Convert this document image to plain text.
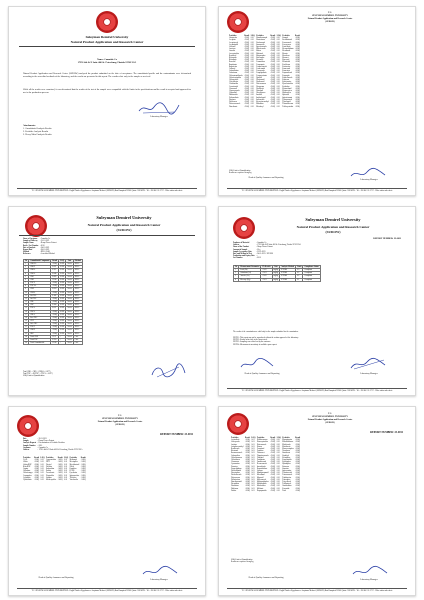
Suleyman Demirel University
Natural Product Application and Research Center
Name: Cannabis Co
17951 4th St N Suite 400 St. Petersburg, Florida 33702 USA
Natural Product Application and Research Center (SUDOW) analyzed the product submitted on the date of acceptance. The cannabinoid profile and the contaminants were determined according to the accredited methods of the laboratory, and the results are presented in this report. The results relate only to the sample as received.
While all the results were examined, it was determined that the results of the test of the sample were compatible with the limits in the specifications and the result is accepted and approved for use in the production process.
Laboratory Manager
Attachments:
1. Cannabinoid Analysis Results
2. Pesticide Analysis Results
3. Heavy Metal Analysis Results
T.C. SÜLEYMAN DEMİREL ÜNIVERSİTESİ - Doğal Ürünler Uygulama ve Araştırma Merkezi (SUDOW) Batı Kampüsü 32260 Çünür / ISPARTA · Tel: +90 246 211 3717 · Web: sudow.sdu.edu.tr
T.C.
SÜLEYMAN DEMİREL ÜNIVERSITY
Natural Product Application and Research Center
(SUDOW)
Pesticides	Result	LOQ	Pesticides	Result	LOQ	Pesticides	Result
Abamectin	<LOQ	0.01	Dimethomorph	<LOQ	0.01	Oxamyl	<LOQ
Acephate	<LOQ	0.01	Dinotefuran	<LOQ	0.01	Paclobutrazol	<LOQ
Acequinocyl	<LOQ	0.01	Dodemorph	<LOQ	0.01	Penconazole	<LOQ
Acetamiprid	<LOQ	0.01	Emamectin	<LOQ	0.01	Pencycuron	<LOQ
Aldicarb	<LOQ	0.01	Epoxiconazole	<LOQ	0.01	Permethrin	<LOQ
Ametryn	<LOQ	0.01	Ethiofencarb	<LOQ	0.01	Phenmedipham	<LOQ
Atrazine	<LOQ	0.01	Ethion	<LOQ	0.01	Phenthoate	<LOQ
Azoxystrobin	<LOQ	0.01	Ethirimol	<LOQ	0.01	Phorate	<LOQ
Benalaxyl	<LOQ	0.01	Ethoprophos	<LOQ	0.01	Phosalone	<LOQ
Bifenazate	<LOQ	0.01	Etofenprox	<LOQ	0.01	Phosmet	<LOQ
Bifenthrin	<LOQ	0.01	Etoxazole	<LOQ	0.01	Piperonyl	<LOQ
Boscalid	<LOQ	0.01	Fenamidone	<LOQ	0.01	Pirimicarb	<LOQ
Bupirimate	<LOQ	0.01	Fenazaquin	<LOQ	0.01	Prochloraz	<LOQ
Buprofezin	<LOQ	0.01	Fenbuconazole	<LOQ	0.01	Profenofos	<LOQ
Carbaryl	<LOQ	0.01	Fenhexamid	<LOQ	0.01	Promecarb	<LOQ
Carbendazim	<LOQ	0.01	Fenoxycarb	<LOQ	0.01	Prometryn	<LOQ
Carbofuran	<LOQ	0.01	Fenpropathrin	<LOQ	0.01	Propamocarb	<LOQ
Chlorantraniliprole	<LOQ	0.01	Fenpyroximate	<LOQ	0.01	Propargite	<LOQ
Chlorfenvinphos	<LOQ	0.01	Fipronil	<LOQ	0.01	Propiconazole	<LOQ
Chlorpyrifos	<LOQ	0.01	Flonicamid	<LOQ	0.01	Propoxur	<LOQ
Clofentezine	<LOQ	0.01	Fludioxonil	<LOQ	0.01	Pymetrozine	<LOQ
Clothianidin	<LOQ	0.01	Flufenoxuron	<LOQ	0.01	Pyraclostrobin	<LOQ
Cyazofamid	<LOQ	0.01	Fluopyram	<LOQ	0.01	Pyridaben	<LOQ
Cymoxanil	<LOQ	0.01	Flusilazole	<LOQ	0.01	Pyrimethanil	<LOQ
Cyproconazole	<LOQ	0.01	Flutolanil	<LOQ	0.01	Pyriproxyfen	<LOQ
Cyprodinil	<LOQ	0.01	Hexythiazox	<LOQ	0.01	Quinoxyfen	<LOQ
Daminozide	<LOQ	0.01	Imazalil	<LOQ	0.01	Spinosad	<LOQ
Deltamethrin	<LOQ	0.01	Imidacloprid	<LOQ	0.01	Spirotetramat	<LOQ
Diazinon	<LOQ	0.01	Indoxacarb	<LOQ	0.01	Tebuconazole	<LOQ
Dichlorvos	<LOQ	0.01	Kresoxim-methyl	<LOQ	0.01	Thiacloprid	<LOQ
Difenoconazole	<LOQ	0.01	Malathion	<LOQ	0.01	Thiamethoxam	<LOQ
Dimethoate	<LOQ	0.01	Metalaxyl	<LOQ	0.01	Trifloxystrobin	<LOQ
LOQ: Limit of Quantification
Results are expressed in mg/kg
Head of Quality Assurance and Reporting
Laboratory Manager
T.C. SÜLEYMAN DEMİREL ÜNIVERSİTESİ - Doğal Ürünler Uygulama ve Araştırma Merkezi (SUDOW) Batı Kampüsü 32260 Çünür / ISPARTA · Tel: +90 246 211 3717 · Web: sudow.sdu.edu.tr
Suleyman Demirel University
Natural Product Application and Research Center
(SUDOW)
Name of Customer	: Cannabis Co
Sample of Delivery	: 23-11-2023
Sample Name	: Hemp Flower Extract
Batch / Lot Number	: 0010
Date of Analysis	: 24-11-2023
Report Date	: 28-11-2023
Method	: HPLC-DAD
Reference	: Accredited Method
No	Cannabinoid Compound	Result	LOQ	Unit	Method
1	CBDVA	<LOQ	0.005	%w/w	HPLC
2	CBDV	0.021	0.005	%w/w	HPLC
3	CBDA	0.312	0.005	%w/w	HPLC
4	CBGA	0.046	0.005	%w/w	HPLC
5	CBG	0.085	0.005	%w/w	HPLC
6	CBD	12.84	0.005	%w/w	HPLC
7	THCV	<LOQ	0.005	%w/w	HPLC
8	THCVA	<LOQ	0.005	%w/w	HPLC
9	CBN	0.018	0.005	%w/w	HPLC
10	CBNA	<LOQ	0.005	%w/w	HPLC
11	Δ9-THC	0.182	0.005	%w/w	HPLC
12	Δ8-THC	<LOQ	0.005	%w/w	HPLC
13	CBL	<LOQ	0.005	%w/w	HPLC
14	CBC	0.264	0.005	%w/w	HPLC
15	THCA	0.037	0.005	%w/w	HPLC
16	CBCA	<LOQ	0.005	%w/w	HPLC
17	CBLA	<LOQ	0.005	%w/w	HPLC
18	Exo-THC	<LOQ	0.005	%w/w	HPLC
19	CBT	<LOQ	0.005	%w/w	HPLC
20	Δ10-THC	<LOQ	0.005	%w/w	HPLC
21	THCP	<LOQ	0.005	%w/w	HPLC
22	CBDP	<LOQ	0.005	%w/w	HPLC
23	HHC	<LOQ	0.005	%w/w	HPLC
24	Total CBD	13.11	-	%w/w	Calc.
25	Total THC	0.214	-	%w/w	Calc.
26	Total Cannabinoids	13.84	-	%w/w	Calc.
Total CBD = CBD + (CBDA × 0.877)
Total THC = Δ9-THC + (THCA × 0.877)
LOQ: Limit of Quantification
Suleyman Demirel University
Natural Product Application and Research Center
(SUDOW)
REPORT NUMBER: 23-0011
Producer of Material	: Cannabis Co
Address	: 17951 4th St N Suite 400 St. Petersburg, Florida 33702 USA
Name of the Product	: Hemp Flower Extract
Amount of Sample	: 50 g
Sample Acceptance Date	: 23-11-2023
Date and Method of Test	: 24-11-2023 / ICP-MS
Production and Expiry Date	: -
Lot Number	: 0010
No	Measurement Parameter	Pb Results	Unit	Analysis Method	Limit	Compliance Status
1	Lead (Pb)	<0.02	mg/kg	ICP-MS	0.5	Compliant
2	Cadmium (Cd)	<0.01	mg/kg	ICP-MS	0.2	Compliant
3	Arsenic (As)	<0.02	mg/kg	ICP-MS	0.2	Compliant
4	Mercury (Hg)	<0.01	mg/kg	ICP-MS	0.1	Compliant
The results of the examination are valid only for the sample submitted for the examination.
NOTE 1: This report may not be reproduced without the written approval of the laboratory.
NOTE 2: Results relate only to the items tested.
NOTE 3: Sampling was carried out by the customer.
NOTE 4: Measurement uncertainty is available upon request.
Head of Quality Assurance and Reporting	Laboratory Manager
T.C. SÜLEYMAN DEMİREL ÜNIVERSİTESİ - Doğal Ürünler Uygulama ve Araştırma Merkezi (SUDOW) Batı Kampüsü 32260 Çünür / ISPARTA · Tel: +90 246 211 3717 · Web: sudow.sdu.edu.tr
T.C.
SÜLEYMAN DEMİREL ÜNIVERSITY
Natural Product Application and Research Center
(SUDOW)
REPORT NUMBER: 23-0011
Date	: 28.11.2023
Sample	: Hemp Flower Extract
Analysis Request	: Determination of Pesticide Residues
Sample Number	: 0010
Customer	: Cannabis Co
Address	: 17951 4th St N Suite 400 St. Petersburg, Florida 33702 USA
Pesticides	Result	LOQ	Pesticides	Result	LOQ	Pesticides	Result
2,4-D	<LOQ	0.01	Cypermethrin	<LOQ	0.01	Methomyl	<LOQ
Aldrin	<LOQ	0.01	DDT	<LOQ	0.01	Mevinphos	<LOQ
Alpha-BHC	<LOQ	0.01	Dicofol	<LOQ	0.01	Myclobutanil	<LOQ
Beta-BHC	<LOQ	0.01	Dieldrin	<LOQ	0.01	Naled	<LOQ
Captan	<LOQ	0.01	Endosulfan	<LOQ	0.01	Parathion	<LOQ
Chlordane	<LOQ	0.01	Endrin	<LOQ	0.01	PCNB	<LOQ
Chlorfenapyr	<LOQ	0.01	Fenvalerate	<LOQ	0.01	Pyrethrins	<LOQ
Coumaphos	<LOQ	0.01	Heptachlor	<LOQ	0.01	Spiromesifen	<LOQ
Cyfluthrin	<LOQ	0.01	Lindane	<LOQ	0.01	Tolclofos	<LOQ
Cyhalothrin	<LOQ	0.01	Methoxychlor	<LOQ	0.01	Vinclozolin	<LOQ
Head of Quality Assurance and Reporting
Laboratory Manager
T.C. SÜLEYMAN DEMİREL ÜNIVERSİTESİ - Doğal Ürünler Uygulama ve Araştırma Merkezi (SUDOW) Batı Kampüsü 32260 Çünür / ISPARTA · Tel: +90 246 211 3717 · Web: sudow.sdu.edu.tr
T.C.
SÜLEYMAN DEMİREL ÜNIVERSITY
Natural Product Application and Research Center
(SUDOW)
REPORT NUMBER: 23-0011
Pesticides	Result	LOQ	Pesticides	Result	LOQ	Pesticides	Result
Acrinathrin	<LOQ	0.01	Diflubenzuron	<LOQ	0.01	Mepanipyrim	<LOQ
Aldoxycarb	<LOQ	0.01	Dimoxystrobin	<LOQ	0.01	Metaflumizone	<LOQ
Amitraz	<LOQ	0.01	Diniconazole	<LOQ	0.01	Methiocarb	<LOQ
Azinphos-methyl	<LOQ	0.01	Diuron	<LOQ	0.01	Metribuzin	<LOQ
Bendiocarb	<LOQ	0.01	Fenarimol	<LOQ	0.01	Monocrotophos	<LOQ
Bitertanol	<LOQ	0.01	Fenthion	<LOQ	0.01	Novaluron	<LOQ
Bromuconazole	<LOQ	0.01	Flufenacet	<LOQ	0.01	Omethoate	<LOQ
Carbosulfan	<LOQ	0.01	Fluquinconazole	<LOQ	0.01	Oxadixyl	<LOQ
Chlorfluazuron	<LOQ	0.01	Flutriafol	<LOQ	0.01	Pirimiphos	<LOQ
Chloridazon	<LOQ	0.01	Fosthiazate	<LOQ	0.01	Propyzamide	<LOQ
Clomazone	<LOQ	0.01	Furathiocarb	<LOQ	0.01	Pyrazophos	<LOQ
Cyromazine	<LOQ	0.01	Hexaconazole	<LOQ	0.01	Quinalphos	<LOQ
Demeton	<LOQ	0.01	Iprovalicarb	<LOQ	0.01	Rotenone	<LOQ
Desmedipham	<LOQ	0.01	Isoprothiolane	<LOQ	0.01	Simazine	<LOQ
Dichlofluanid	<LOQ	0.01	Linuron	<LOQ	0.01	Spiroxamine	<LOQ
Dicrotophos	<LOQ	0.01	Mandipropamid	<LOQ	0.01	Tebufenozide	<LOQ
Diethofencarb	<LOQ	0.01	Mecarbam	<LOQ	0.01	Tetraconazole	<LOQ
Difenacoum	<LOQ	0.01	Mepronil	<LOQ	0.01	Triadimefon	<LOQ
Diflufenican	<LOQ	0.01	Metconazole	<LOQ	0.01	Triazophos	<LOQ
Dimethenamid	<LOQ	0.01	Methamidophos	<LOQ	0.01	Tricyclazole	<LOQ
Dioxathion	<LOQ	0.01	Methidathion	<LOQ	0.01	Triflumizole	<LOQ
Disulfoton	<LOQ	0.01	Metolachlor	<LOQ	0.01	Vamidothion	<LOQ
Dithianon	<LOQ	0.01	Molinate	<LOQ	0.01	Zoxamide	<LOQ
Dodine	<LOQ	0.01	Napropamide	<LOQ	0.01	Total	<LOQ
LOQ: Limit of Quantification
Results are expressed in mg/kg
Head of Quality Assurance and Reporting
Laboratory Manager
T.C. SÜLEYMAN DEMİREL ÜNIVERSİTESİ - Doğal Ürünler Uygulama ve Araştırma Merkezi (SUDOW) Batı Kampüsü 32260 Çünür / ISPARTA · Tel: +90 246 211 3717 · Web: sudow.sdu.edu.tr
